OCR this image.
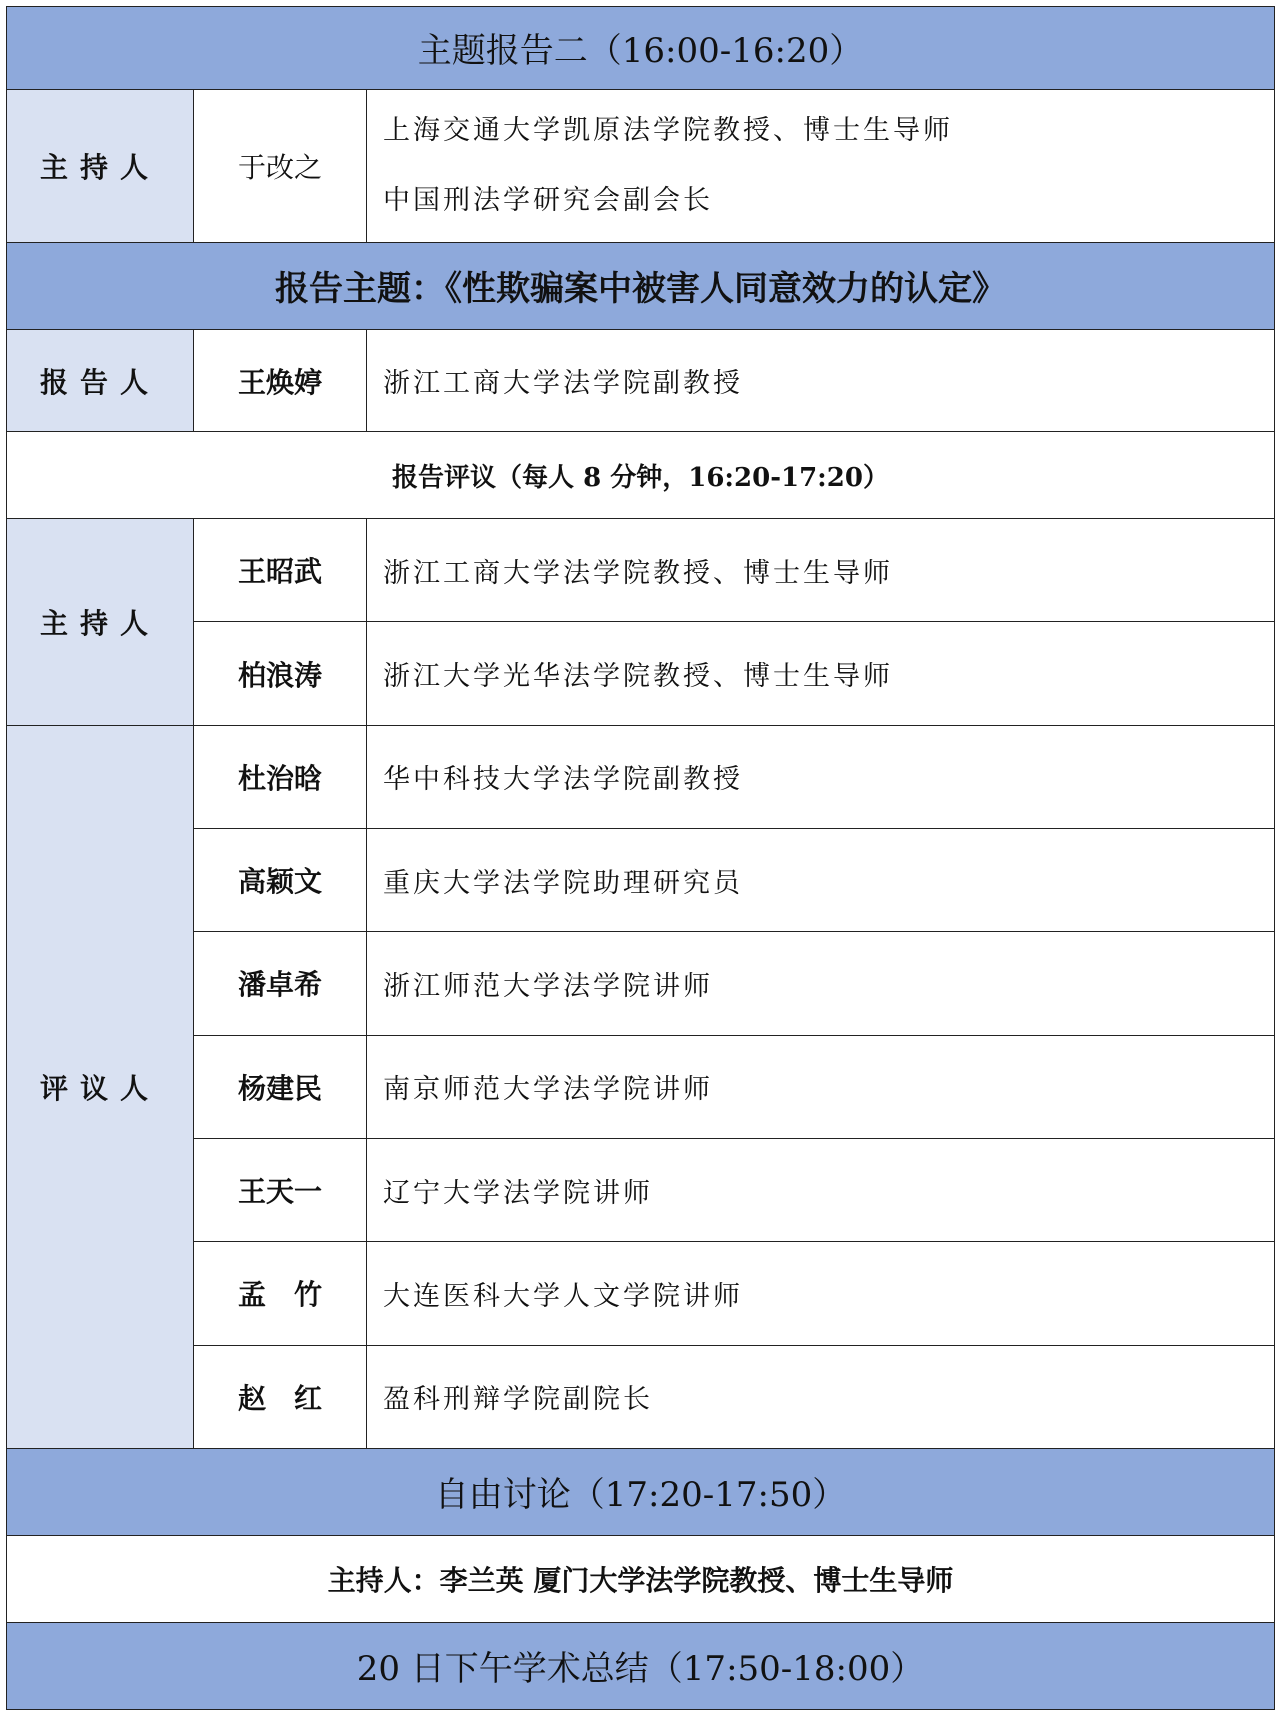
主题报告二（16:00-16:20）		
主持人	于改之	上海交通大学凯原法学院教授、博士生导师
中国刑法学研究会副会长

报告主题：《性欺骗案中被害人同意效力的认定》		
报告人	王焕婷	浙江工商大学法学院副教授
报告评议（每人 8 分钟，16:20-17:20）		
主持人	王昭武	浙江工商大学法学院教授、博士生导师
	柏浪涛	浙江大学光华法学院教授、博士生导师
评议人	杜治晗	华中科技大学法学院副教授
	高颖文	重庆大学法学院助理研究员
	潘卓希	浙江师范大学法学院讲师
	杨建民	南京师范大学法学院讲师
	王天一	辽宁大学法学院讲师
	孟　竹	大连医科大学人文学院讲师
	赵　红	盈科刑辩学院副院长
自由讨论（17:20-17:50）		
主持人：李兰英 厦门大学法学院教授、博士生导师		
20 日下午学术总结（17:50-18:00）		
